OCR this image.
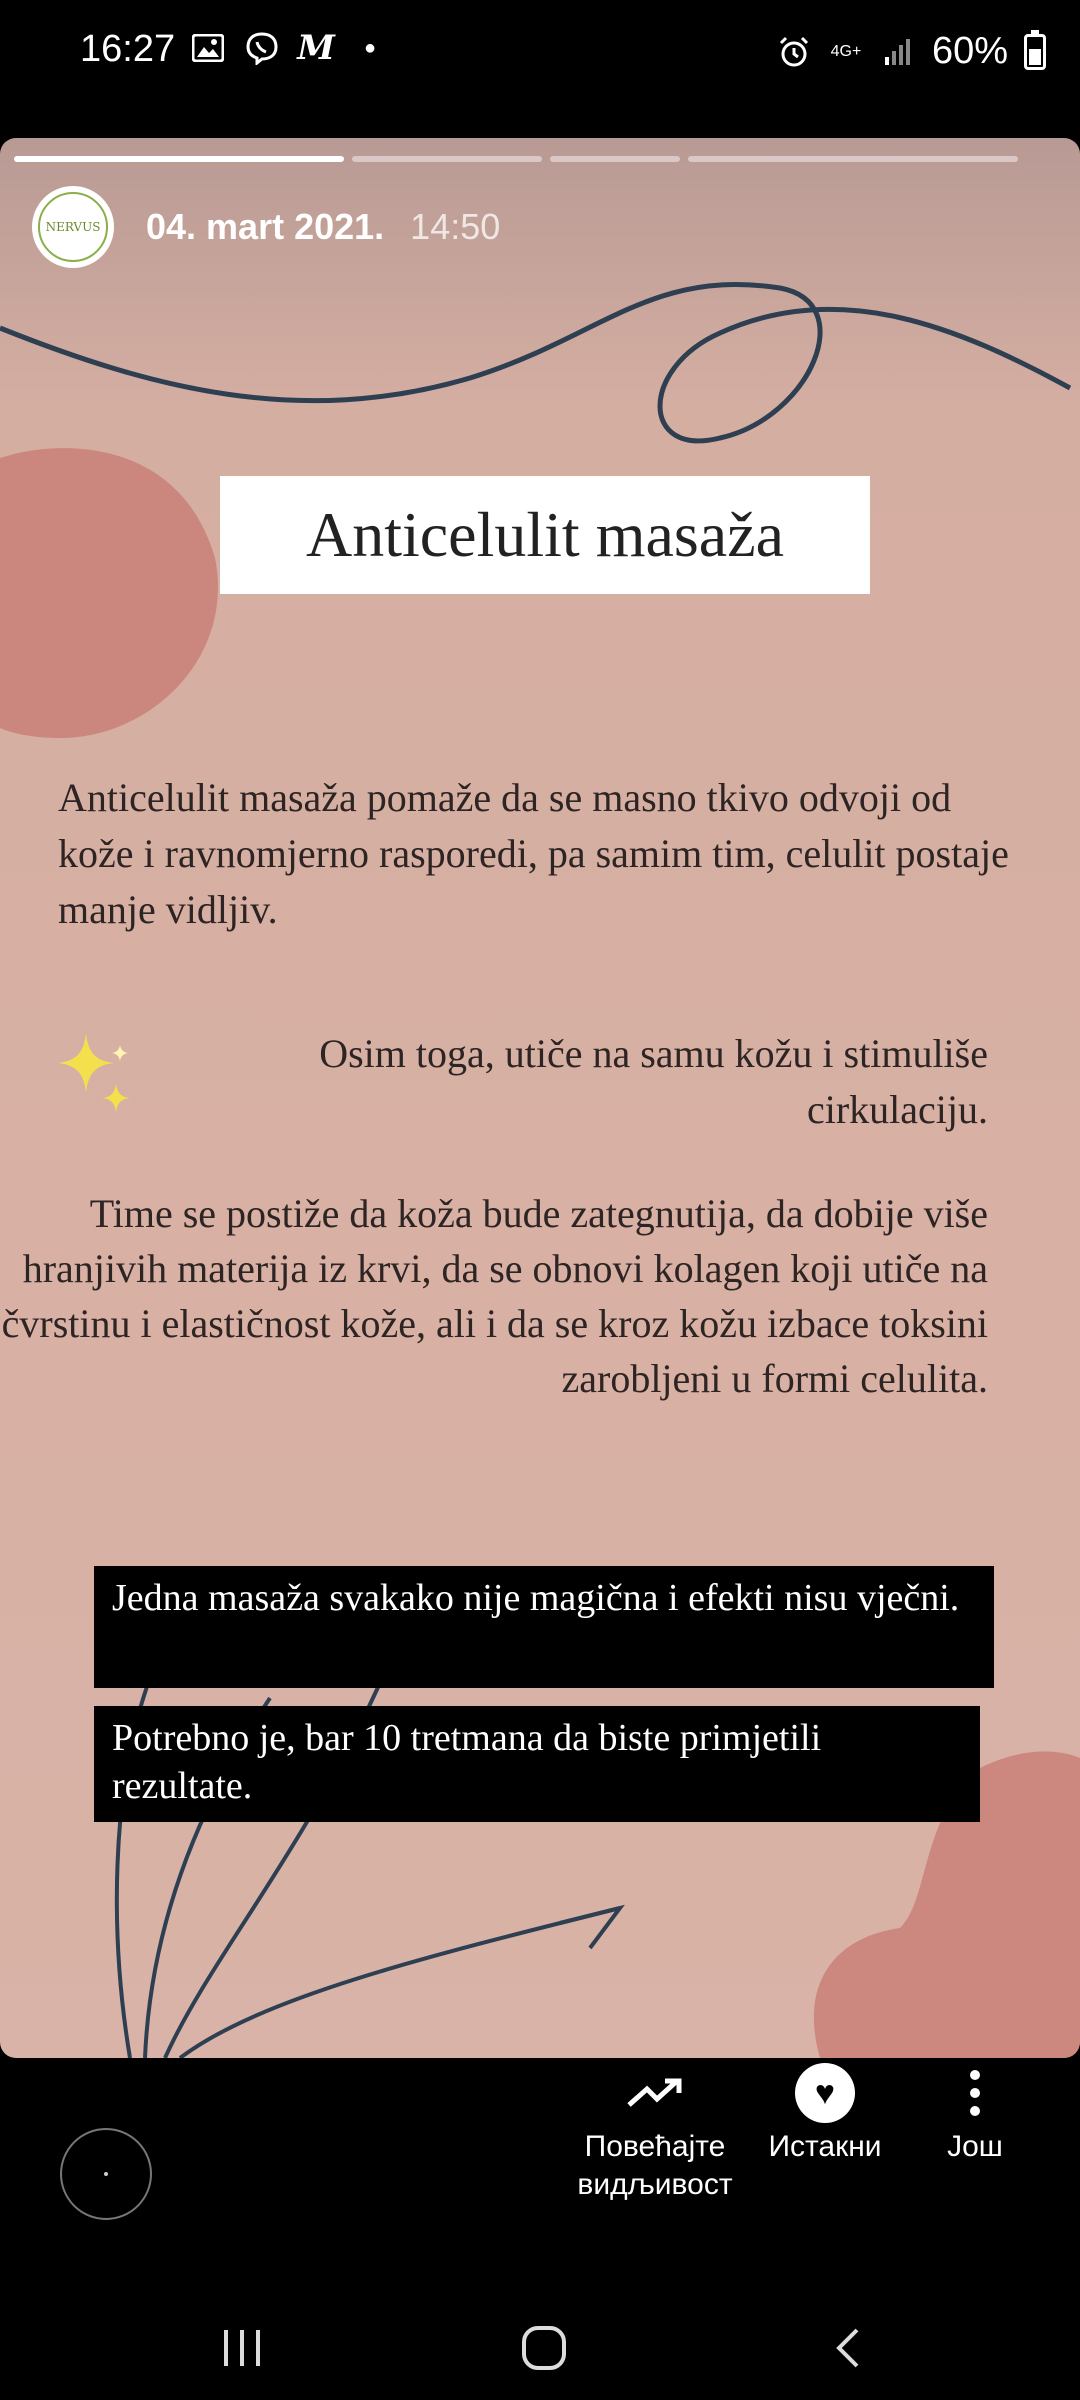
16:27	M	●	4G+ 60%
NERVUS 04. mart 2021. 14:50
Anticelulit masaža
Anticelulit masaža pomaže da se masno tkivo odvoji od kože i ravnomjerno rasporedi, pa samim tim, celulit postaje manje vidljiv.
Osim toga, utiče na samu kožu i stimuliše cirkulaciju.
Time se postiže da koža bude zategnutija, da dobije više hranjivih materija iz krvi, da se obnovi kolagen koji utiče na čvrstinu i elastičnost kože, ali i da se kroz kožu izbace toksini zarobljeni u formi celulita.
Jedna masaža svakako nije magična i efekti nisu vječni.
Potrebno je, bar 10 tretmana da biste primjetili rezultate.
Повећајте видљивост
♥
Истакни	Још
